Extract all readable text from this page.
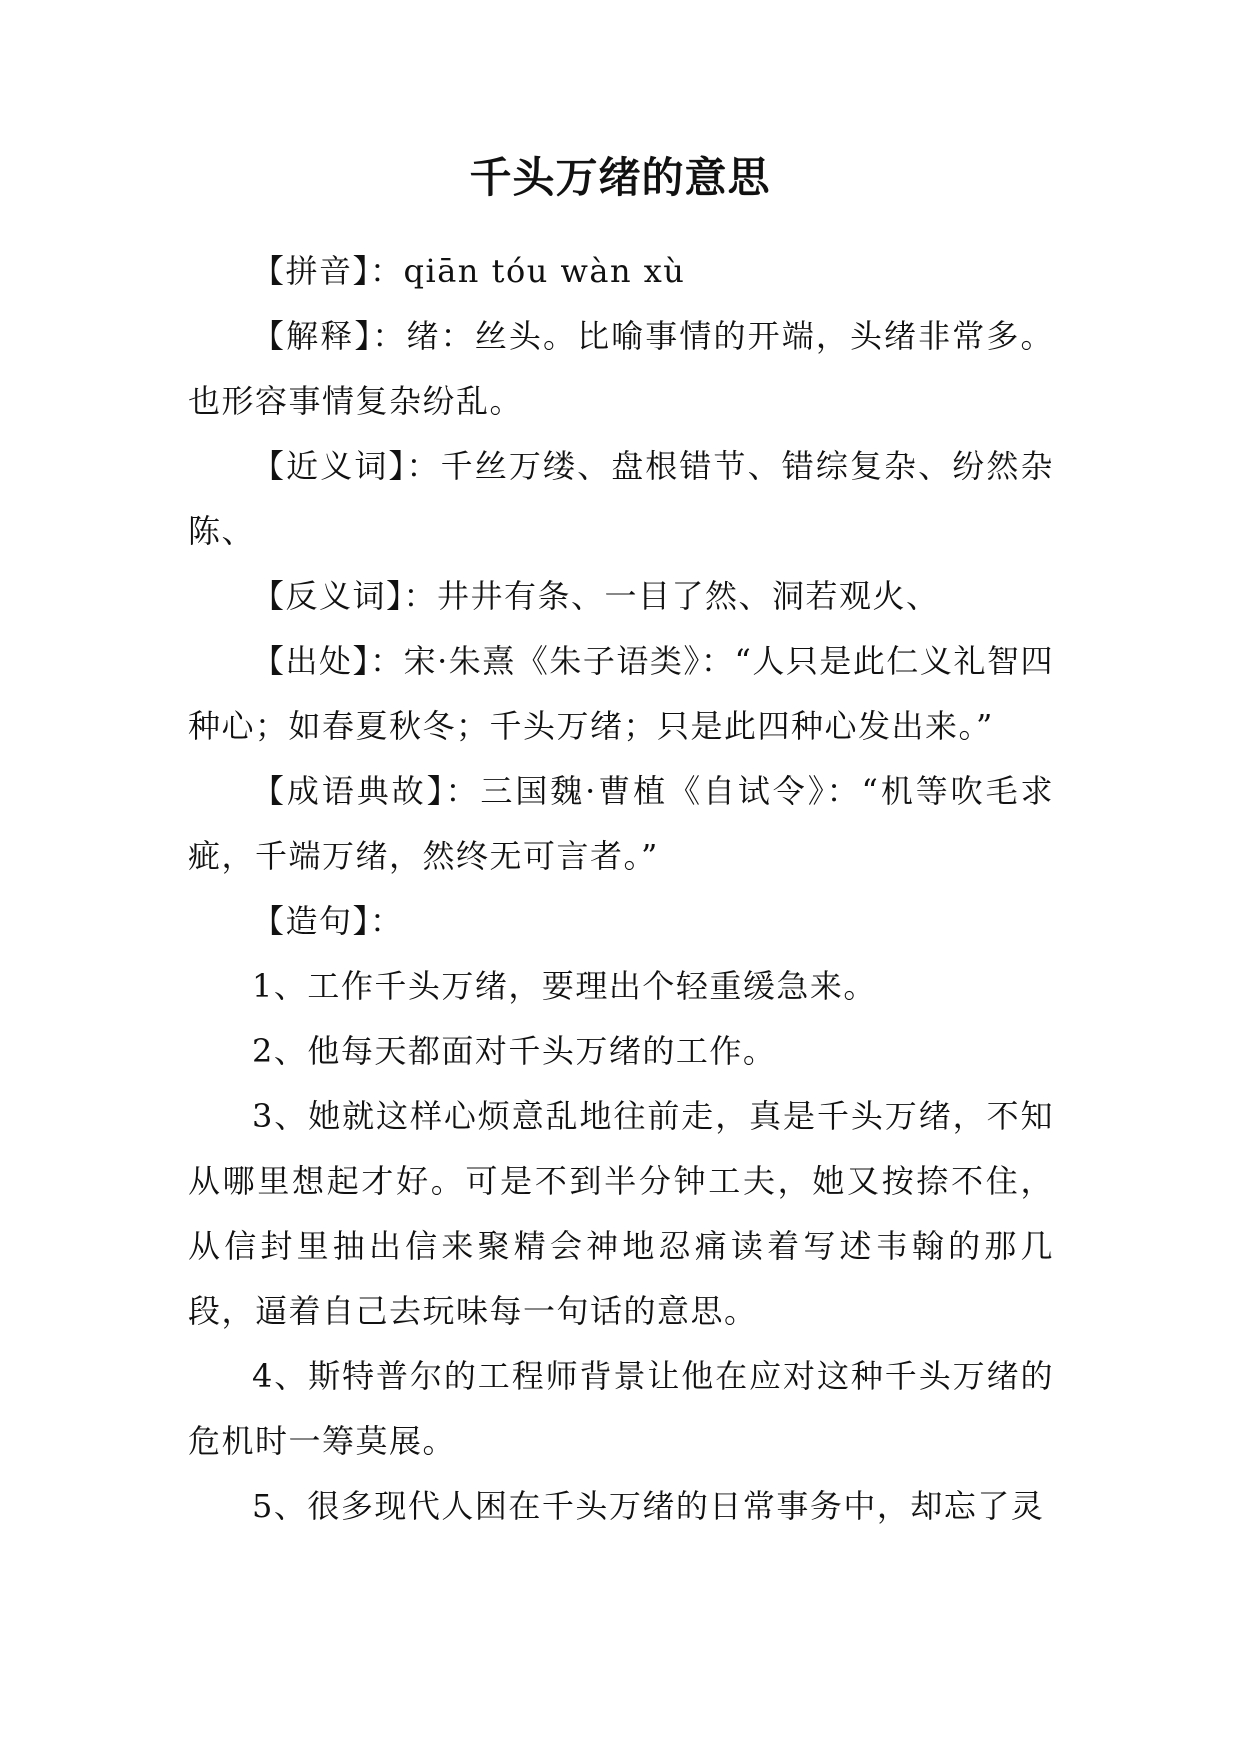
千头万绪的意思

【拼音】：qiān tóu wàn xù

【解释】：绪：丝头。比喻事情的开端，头绪非常多。也形容事情复杂纷乱。

【近义词】：千丝万缕、盘根错节、错综复杂、纷然杂陈、

【反义词】：井井有条、一目了然、洞若观火、

【出处】：宋·朱熹《朱子语类》：“人只是此仁义礼智四种心；如春夏秋冬；千头万绪；只是此四种心发出来。”

【成语典故】：三国魏·曹植《自试令》：“机等吹毛求疵，千端万绪，然终无可言者。”

【造句】：

1、工作千头万绪，要理出个轻重缓急来。

2、他每天都面对千头万绪的工作。

3、她就这样心烦意乱地往前走，真是千头万绪，不知从哪里想起才好。可是不到半分钟工夫，她又按捺不住，从信封里抽出信来聚精会神地忍痛读着写述韦翰的那几段，逼着自己去玩味每一句话的意思。

4、斯特普尔的工程师背景让他在应对这种千头万绪的危机时一筹莫展。

5、很多现代人困在千头万绪的日常事务中，却忘了灵
